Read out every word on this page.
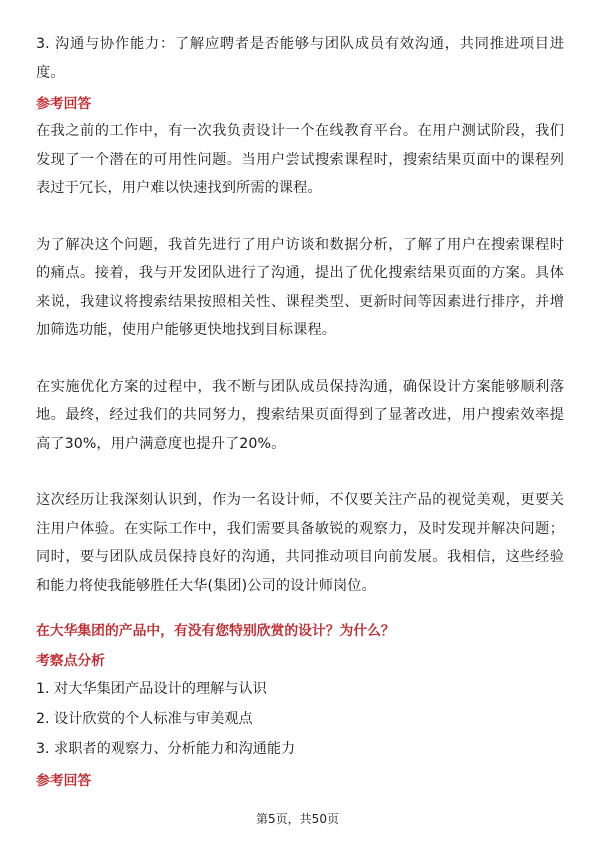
3. 沟通与协作能力：了解应聘者是否能够与团队成员有效沟通，共同推进项目进度。

参考回答

在我之前的工作中，有一次我负责设计一个在线教育平台。在用户测试阶段，我们发现了一个潜在的可用性问题。当用户尝试搜索课程时，搜索结果页面中的课程列表过于冗长，用户难以快速找到所需的课程。

为了解决这个问题，我首先进行了用户访谈和数据分析，了解了用户在搜索课程时的痛点。接着，我与开发团队进行了沟通，提出了优化搜索结果页面的方案。具体来说，我建议将搜索结果按照相关性、课程类型、更新时间等因素进行排序，并增加筛选功能，使用户能够更快地找到目标课程。

在实施优化方案的过程中，我不断与团队成员保持沟通，确保设计方案能够顺利落地。最终，经过我们的共同努力，搜索结果页面得到了显著改进，用户搜索效率提高了30%，用户满意度也提升了20%。

这次经历让我深刻认识到，作为一名设计师，不仅要关注产品的视觉美观，更要关注用户体验。在实际工作中，我们需要具备敏锐的观察力，及时发现并解决问题；同时，要与团队成员保持良好的沟通，共同推动项目向前发展。我相信，这些经验和能力将使我能够胜任大华(集团)公司的设计师岗位。

在大华集团的产品中，有没有您特别欣赏的设计？为什么？

考察点分析

1. 对大华集团产品设计的理解与认识

2. 设计欣赏的个人标准与审美观点

3. 求职者的观察力、分析能力和沟通能力

参考回答

第5页，共50页
